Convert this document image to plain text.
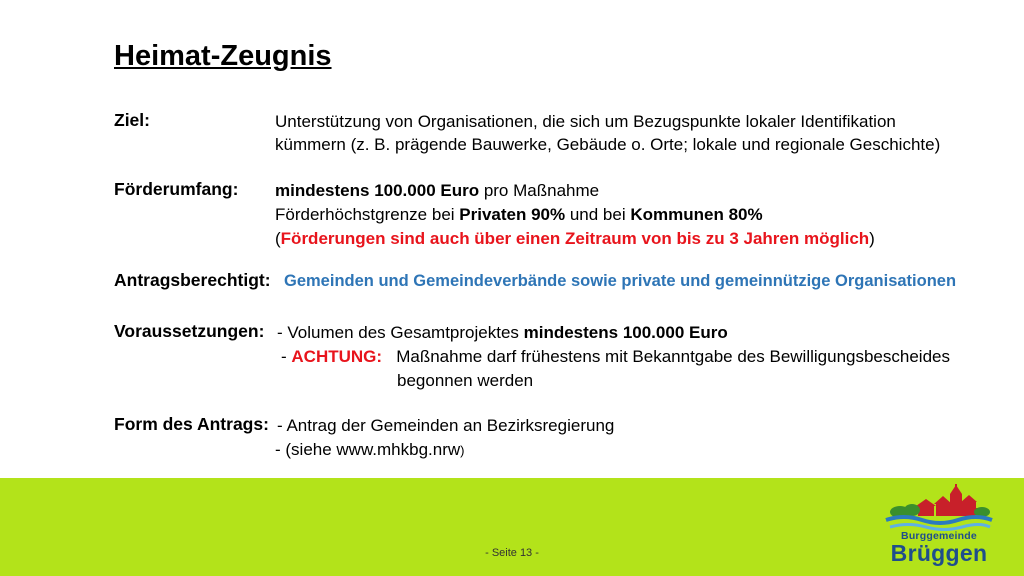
Heimat-Zeugnis
Ziel:	Unterstützung von Organisationen, die sich um Bezugspunkte lokaler Identifikation
kümmern (z. B. prägende Bauwerke, Gebäude o. Orte; lokale und regionale Geschichte)
Förderumfang: mindestens 100.000 Euro pro Maßnahme
Förderhöchstgrenze bei Privaten 90% und bei Kommunen 80%
(Förderungen sind auch über einen Zeitraum von bis zu 3 Jahren möglich)
Antragsberechtigt: Gemeinden und Gemeindeverbände sowie private und gemeinnützige Organisationen
Voraussetzungen: - Volumen des Gesamtprojektes mindestens 100.000 Euro
- ACHTUNG:   Maßnahme darf frühestens mit Bekanntgabe des Bewilligungsbescheides
begonnen werden
Form des Antrags: - Antrag der Gemeinden an Bezirksregierung
- (siehe www.mhkbg.nrw)
- Seite 13 -
Burggemeinde
Brüggen
